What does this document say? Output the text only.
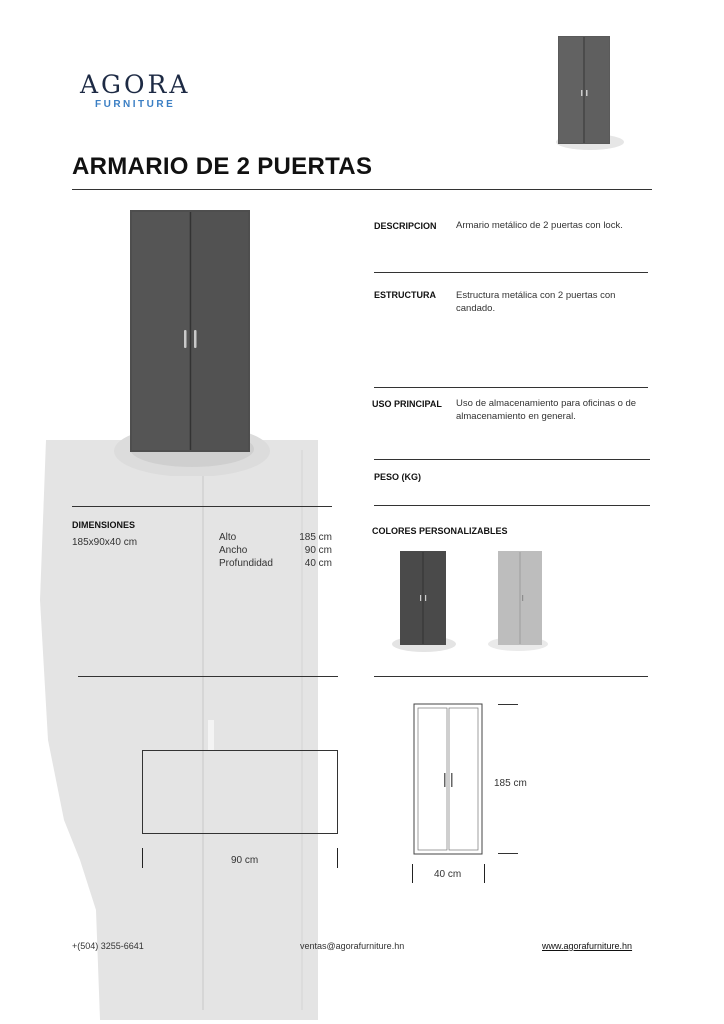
AGORA
FURNITURE
ARMARIO DE 2 PUERTAS
DESCRIPCION Armario metálico de 2 puertas con lock.
ESTRUCTURA Estructura metálica con 2 puertas con candado.
USO PRINCIPAL Uso de almacenamiento para oficinas o de almacenamiento en general.
PESO (KG)
DIMENSIONES
185x90x40 cm	Alto	185 cm
Ancho	90 cm
Profundidad	40 cm
COLORES PERSONALIZABLES
90 cm
185 cm
40 cm
+(504) 3255-6641	ventas@agorafurniture.hn	www.agorafurniture.hn
